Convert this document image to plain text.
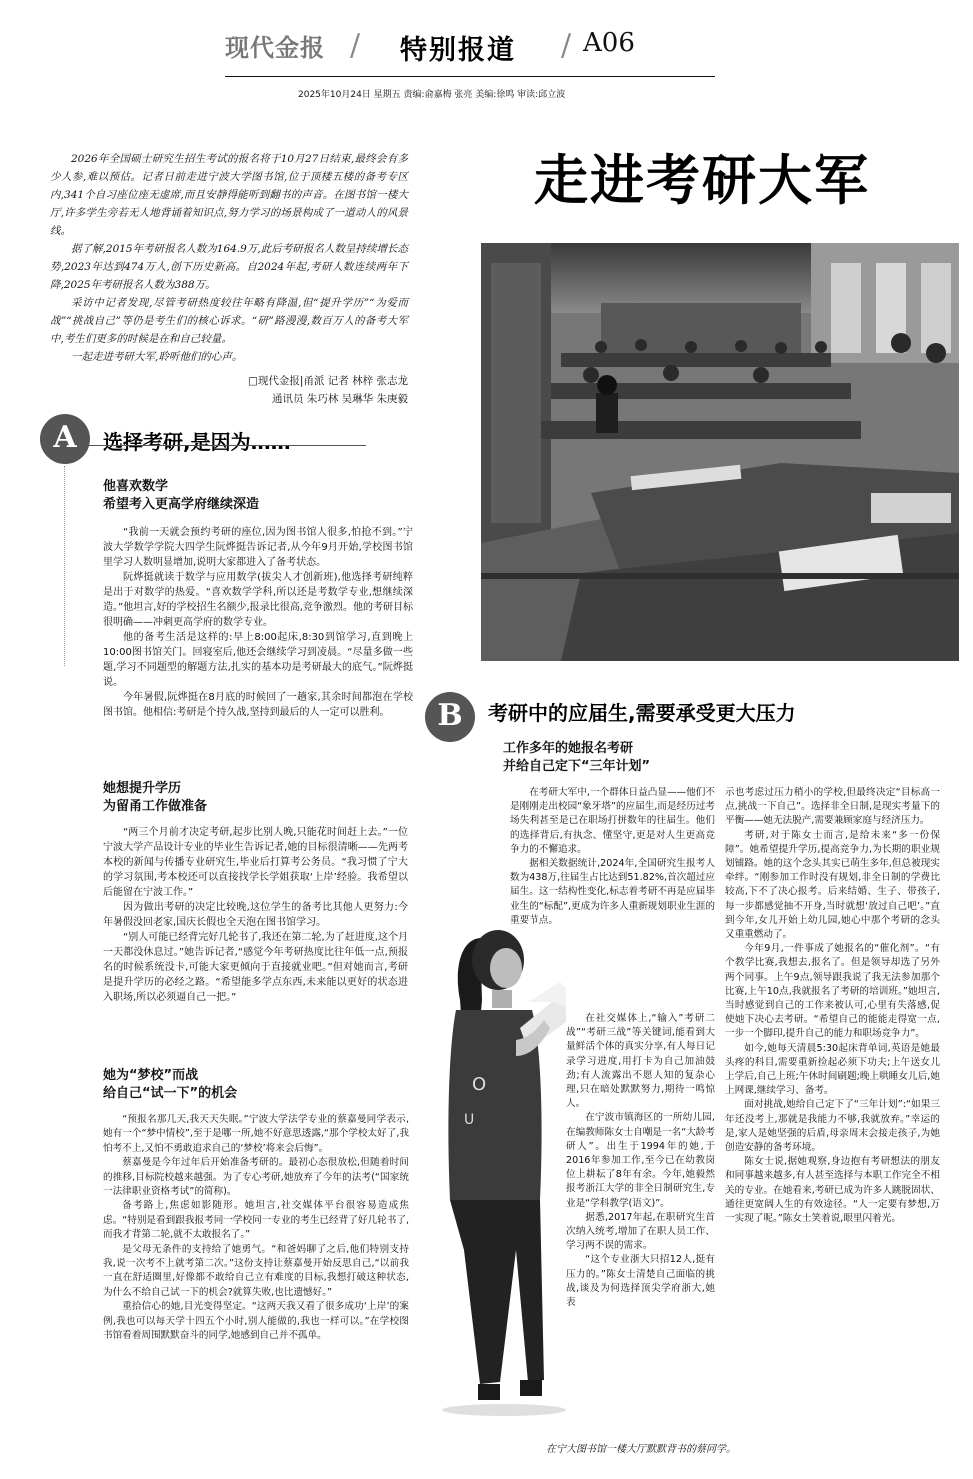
现代金报 / 特别报道 / A06
2025年10月24日 星期五 责编:俞嘉梅 张亮 美编:徐鸣 审读:邱立波

2026年全国硕士研究生招生考试的报名将于10月27日结束,最终会有多少人参,难以预估。记者日前走进宁波大学图书馆,位于顶楼五楼的备考专区内,341个自习座位座无虚席,而且安静得能听到翻书的声音。在图书馆一楼大厅,许多学生旁若无人地背诵着知识点,努力学习的场景构成了一道动人的风景线。

据了解,2015年考研报名人数为164.9万,此后考研报名人数呈持续增长态势,2023年达到474万人,创下历史新高。自2024年起,考研人数连续两年下降,2025年考研报名人数为388万。

采访中记者发现,尽管考研热度较往年略有降温,但“提升学历”“为爱而战”“挑战自己”等仍是考生们的核心诉求。“研”路漫漫,数百万人的备考大军中,考生们更多的时候是在和自己较量。

一起走进考研大军,聆听他们的心声。

□现代金报|甬派 记者 林梓 张志龙
通讯员 朱巧林 吴琳华 朱庚毅
走进考研大军
A	选择考研,是因为……
他喜欢数学
希望考入更高学府继续深造

“我前一天就会预约考研的座位,因为图书馆人很多,怕抢不到。”宁波大学数学学院大四学生阮烨挺告诉记者,从今年9月开始,学校图书馆里学习人数明显增加,说明大家都进入了备考状态。

阮烨挺就读于数学与应用数学(拔尖人才创新班),他选择考研纯粹是出于对数学的热爱。“喜欢数学学科,所以还是考数学专业,想继续深造。”他坦言,好的学校招生名额少,报录比很高,竞争激烈。他的考研目标很明确——冲刺更高学府的数学专业。

他的备考生活是这样的:早上8:00起床,8:30到馆学习,直到晚上10:00图书馆关门。回寝室后,他还会继续学习到凌晨。“尽量多做一些题,学习不同题型的解题方法,扎实的基本功是考研最大的底气。”阮烨挺说。

今年暑假,阮烨挺在8月底的时候回了一趟家,其余时间都泡在学校图书馆。他相信:考研是个持久战,坚持到最后的人一定可以胜利。

她想提升学历
为留甬工作做准备

“两三个月前才决定考研,起步比别人晚,只能花时间赶上去。”一位宁波大学产品设计专业的毕业生告诉记者,她的目标很清晰——先两考本校的新闻与传播专业研究生,毕业后打算考公务员。“我习惯了宁大的学习氛围,考本校还可以直接找学长学姐获取‘上岸’经验。我希望以后能留在宁波工作。”

因为做出考研的决定比较晚,这位学生的备考比其他人更努力:今年暑假没回老家,国庆长假也全天泡在图书馆学习。

“别人可能已经背完好几轮书了,我还在第二轮,为了赶进度,这个月一天都没休息过。”她告诉记者,“感觉今年考研热度比往年低一点,预报名的时候系统没卡,可能大家更倾向于直接就业吧。”但对她而言,考研是提升学历的必经之路。“希望能多学点东西,未来能以更好的状态进入职场,所以必须逼自己一把。”

她为“梦校”而战
给自己“试一下”的机会

“预报名那几天,我天天失眠。”宁波大学法学专业的蔡嘉曼同学表示,她有一个“梦中情校”,至于是哪一所,她不好意思透露,“那个学校太好了,我怕考不上,又怕不勇敢追求自己的‘梦校’将来会后悔”。

蔡嘉曼是今年过年后开始准备考研的。最初心态很放松,但随着时间的推移,目标院校越来越强。为了专心考研,她放弃了今年的法考(“国家统一法律职业资格考试”的简称)。

备考路上,焦虑如影随形。她坦言,社交媒体平台很容易造成焦虑。“特别是看到跟我报考同一学校同一专业的考生已经背了好几轮书了,而我才背第二轮,就不太敢报名了。”

是父母无条件的支持给了她勇气。“和爸妈聊了之后,他们特别支持我,说一次考不上就考第二次。”这份支持让蔡嘉曼开始反思自己,“以前我一直在舒适圈里,好像都不敢给自己立有难度的目标,我想打破这种状态,为什么不给自己试一下的机会?就算失败,也比遗憾好。”

重拾信心的她,目光变得坚定。“这两天我又看了很多成功‘上岸’的案例,我也可以每天学十四五个小时,别人能做的,我也一样可以。”在学校图书馆看着周围默默奋斗的同学,她感到自己并不孤单。

B	考研中的应届生,需要承受更大压力
工作多年的她报名考研
并给自己定下“三年计划”

在考研大军中,一个群体日益凸显——他们不是刚刚走出校园“象牙塔”的应届生,而是经历过考场失利甚至是已在职场打拼数年的往届生。他们的选择背后,有执念、懂坚守,更是对人生更高竞争力的不懈追求。

据相关数据统计,2024年,全国研究生报考人数为438万,往届生占比达到51.82%,首次超过应届生。这一结构性变化,标志着考研不再是应届毕业生的“标配”,更成为许多人重新规划职业生涯的重要节点。

在社交媒体上,“输入”考研二战”“考研三战”等关键词,能看到大量鲜活个体的真实分享,有人每日记录学习进度,用打卡为自己加油鼓劲;有人流露出不愿人知的复杂心理,只在暗处默默努力,期待一鸣惊人。

在宁波市镇海区的一所幼儿园,在编教师陈女士自嘲是一名“大龄考研人”。出生于1994年的她,于2016年参加工作,至今已在幼教岗位上耕耘了8年有余。今年,她毅然报考浙江大学的非全日制研究生,专业是“学科教学(语文)”。

据悉,2017年起,在职研究生首次纳入统考,增加了在职人员工作、学习两不误的需求。

“这个专业浙大只招12人,挺有压力的。”陈女士清楚自己面临的挑战,谈及为何选择顶尖学府浙大,她表

示也考虑过压力稍小的学校,但最终决定“目标高一点,挑战一下自己”。选择非全日制,是现实考量下的平衡——她无法脱产,需要兼顾家庭与经济压力。

考研,对于陈女士而言,是给未来“多一份保障”。她希望提升学历,提高竞争力,为长期的职业规划铺路。她的这个念头其实已萌生多年,但总被现实牵绊。“刚参加工作时没有规划,非全日制的学费比较高,下不了决心报考。后来结婚、生子、带孩子,每一步都感觉抽不开身,当时就想‘放过自己吧’。”直到今年,女儿开始上幼儿园,她心中那个考研的念头又重重燃动了。

今年9月,一件事成了她报名的“催化剂”。“有个教学比赛,我想去,报名了。但是领导却选了另外两个同事。上午9点,领导跟我说了我无法参加那个比赛,上午10点,我就报名了考研的培训班。”她坦言,当时感觉到自己的工作来被认可,心里有失落感,促使她下决心去考研。“希望自己的能能走得宽一点,一步一个脚印,提升自己的能力和职场竞争力”。

如今,她每天清晨5:30起床背单词,英语是她最头疼的科目,需要重新捡起必须下功夫;上午送女儿上学后,自己上班;午休时间刷题;晚上哄睡女儿后,她上网课,继续学习、备考。

面对挑战,她给自己定下了“三年计划”:“如果三年还没考上,那就是我能力不够,我就放弃。”幸运的是,家人是她坚强的后盾,母亲周末会接走孩子,为她创造安静的备考环境。

陈女士说,据她观察,身边抱有考研想法的朋友和同事越来越多,有人甚至选择与本职工作完全不相关的专业。在她看来,考研已成为许多人跳脱固状、通往更宽阔人生的有效途径。“人一定要有梦想,万一实现了呢。”陈女士笑着说,眼里闪着光。

O
U
在宁大图书馆一楼大厅默默背书的蔡同学。
